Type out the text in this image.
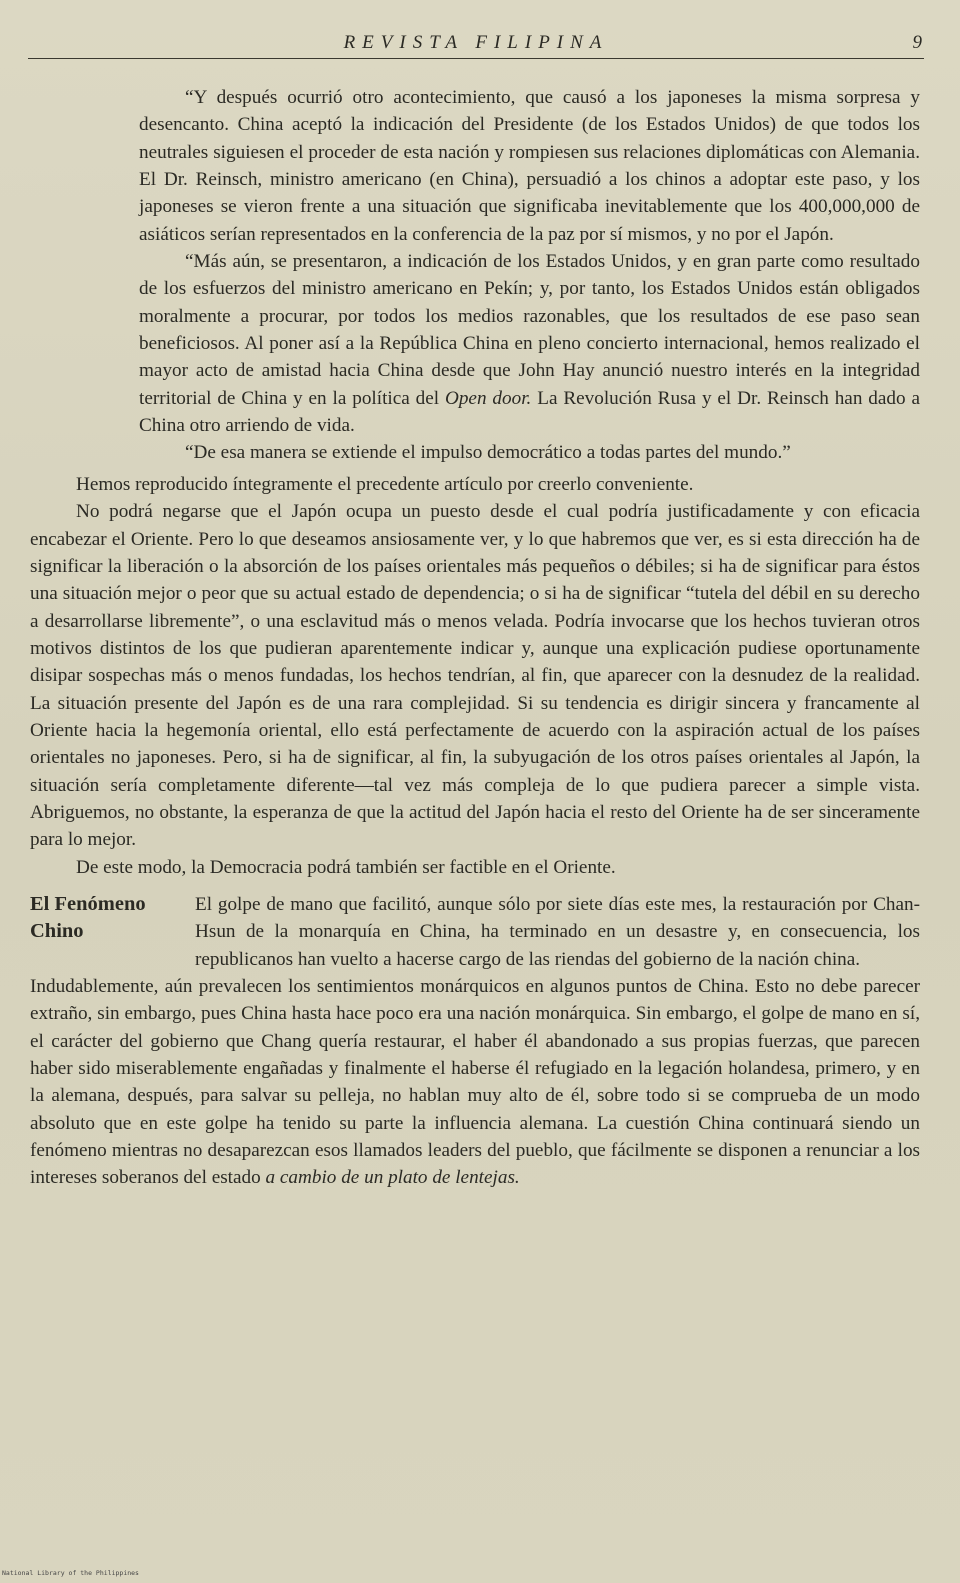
REVISTA FILIPINA	9

“Y después ocurrió otro acontecimiento, que causó a los japoneses la misma sorpresa y desencanto. China aceptó la indicación del Presidente (de los Estados Unidos) de que todos los neutrales siguiesen el proceder de esta nación y rompiesen sus relaciones diplomáticas con Alemania. El Dr. Reinsch, ministro americano (en China), persuadió a los chinos a adoptar este paso, y los japoneses se vieron frente a una situación que significaba inevitablemente que los 400,000,000 de asiáticos serían representados en la conferencia de la paz por sí mismos, y no por el Japón.

“Más aún, se presentaron, a indicación de los Estados Unidos, y en gran parte como resultado de los esfuerzos del ministro americano en Pekín; y, por tanto, los Estados Unidos están obligados moralmente a procurar, por todos los medios razonables, que los resultados de ese paso sean beneficiosos. Al poner así a la República China en pleno concierto internacional, hemos realizado el mayor acto de amistad hacia China desde que John Hay anunció nuestro interés en la integridad territorial de China y en la política del Open door. La Revolución Rusa y el Dr. Reinsch han dado a China otro arriendo de vida.

“De esa manera se extiende el impulso democrático a todas partes del mundo.”

Hemos reproducido íntegramente el precedente artículo por creerlo conveniente.

No podrá negarse que el Japón ocupa un puesto desde el cual podría justificadamente y con eficacia encabezar el Oriente. Pero lo que deseamos ansiosamente ver, y lo que habremos que ver, es si esta dirección ha de significar la liberación o la absorción de los países orientales más pequeños o débiles; si ha de significar para éstos una situación mejor o peor que su actual estado de dependencia; o si ha de significar “tutela del débil en su derecho a desarrollarse libremente”, o una esclavitud más o menos velada. Podría invocarse que los hechos tuvieran otros motivos distintos de los que pudieran aparentemente indicar y, aunque una explicación pudiese oportunamente disipar sospechas más o menos fundadas, los hechos tendrían, al fin, que aparecer con la desnudez de la realidad. La situación presente del Japón es de una rara complejidad. Si su tendencia es dirigir sincera y francamente al Oriente hacia la hegemonía oriental, ello está perfectamente de acuerdo con la aspiración actual de los países orientales no japoneses. Pero, si ha de significar, al fin, la subyugación de los otros países orientales al Japón, la situación sería completamente diferente—tal vez más compleja de lo que pudiera parecer a simple vista. Abriguemos, no obstante, la esperanza de que la actitud del Japón hacia el resto del Oriente ha de ser sinceramente para lo mejor.

De este modo, la Democracia podrá también ser factible en el Oriente.

El Fenómeno
Chino

El golpe de mano que facilitó, aunque sólo por siete días este mes, la restauración por Chan-Hsun de la monarquía en China, ha terminado en un desastre y, en consecuencia, los republicanos han vuelto a hacerse cargo de las riendas del gobierno de la nación china.

Indudablemente, aún prevalecen los sentimientos monárquicos en algunos puntos de China. Esto no debe parecer extraño, sin embargo, pues China hasta hace poco era una nación monárquica. Sin embargo, el golpe de mano en sí, el carácter del gobierno que Chang quería restaurar, el haber él abandonado a sus propias fuerzas, que parecen haber sido miserablemente engañadas y finalmente el haberse él refugiado en la legación holandesa, primero, y en la alemana, después, para salvar su pelleja, no hablan muy alto de él, sobre todo si se comprueba de un modo absoluto que en este golpe ha tenido su parte la influencia alemana. La cuestión China continuará siendo un fenómeno mientras no desaparezcan esos llamados leaders del pueblo, que fácilmente se disponen a renunciar a los intereses soberanos del estado a cambio de un plato de lentejas.

National Library of the Philippines
